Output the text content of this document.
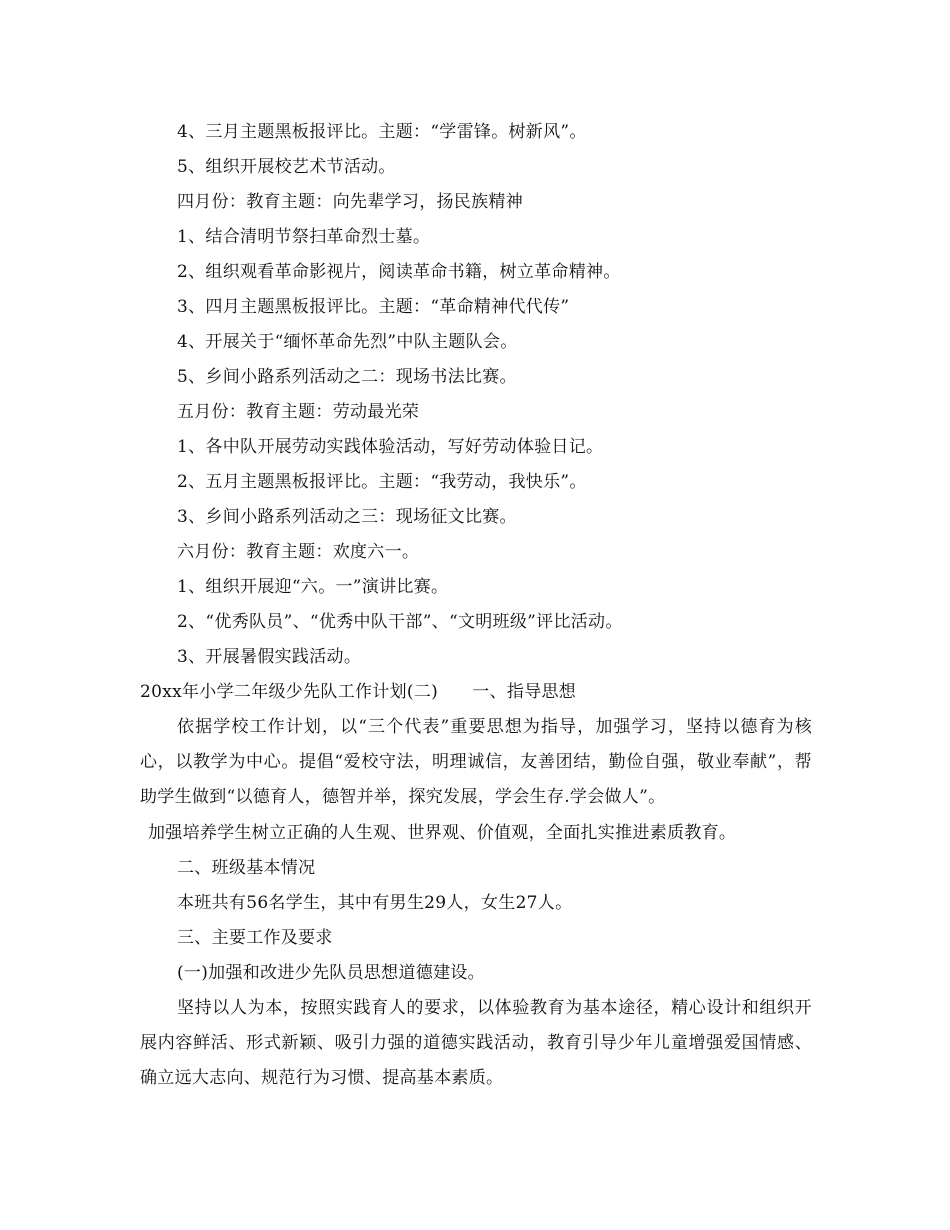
4、三月主题黑板报评比。主题：“学雷锋。树新风”。
5、组织开展校艺术节活动。
四月份：教育主题：向先辈学习，扬民族精神
1、结合清明节祭扫革命烈士墓。
2、组织观看革命影视片，阅读革命书籍，树立革命精神。
3、四月主题黑板报评比。主题：“革命精神代代传”
4、开展关于“缅怀革命先烈”中队主题队会。
5、乡间小路系列活动之二：现场书法比赛。
五月份：教育主题：劳动最光荣
1、各中队开展劳动实践体验活动，写好劳动体验日记。
2、五月主题黑板报评比。主题：“我劳动，我快乐”。
3、乡间小路系列活动之三：现场征文比赛。
六月份：教育主题：欢度六一。
1、组织开展迎“六。一”演讲比赛。
2、“优秀队员”、“优秀中队干部”、“文明班级”评比活动。
3、开展暑假实践活动。
20xx年小学二年级少先队工作计划(二)      一、指导思想
依据学校工作计划，以“三个代表”重要思想为指导，加强学习，坚持以德育为核心，以教学为中心。提倡“爱校守法，明理诚信，友善团结，勤俭自强，敬业奉献”，帮助学生做到“以德育人，德智并举，探究发展，学会生存.学会做人”。
加强培养学生树立正确的人生观、世界观、价值观，全面扎实推进素质教育。
二、班级基本情况
本班共有56名学生，其中有男生29人，女生27人。
三、主要工作及要求
(一)加强和改进少先队员思想道德建设。
坚持以人为本，按照实践育人的要求，以体验教育为基本途径，精心设计和组织开展内容鲜活、形式新颖、吸引力强的道德实践活动，教育引导少年儿童增强爱国情感、确立远大志向、规范行为习惯、提高基本素质。
